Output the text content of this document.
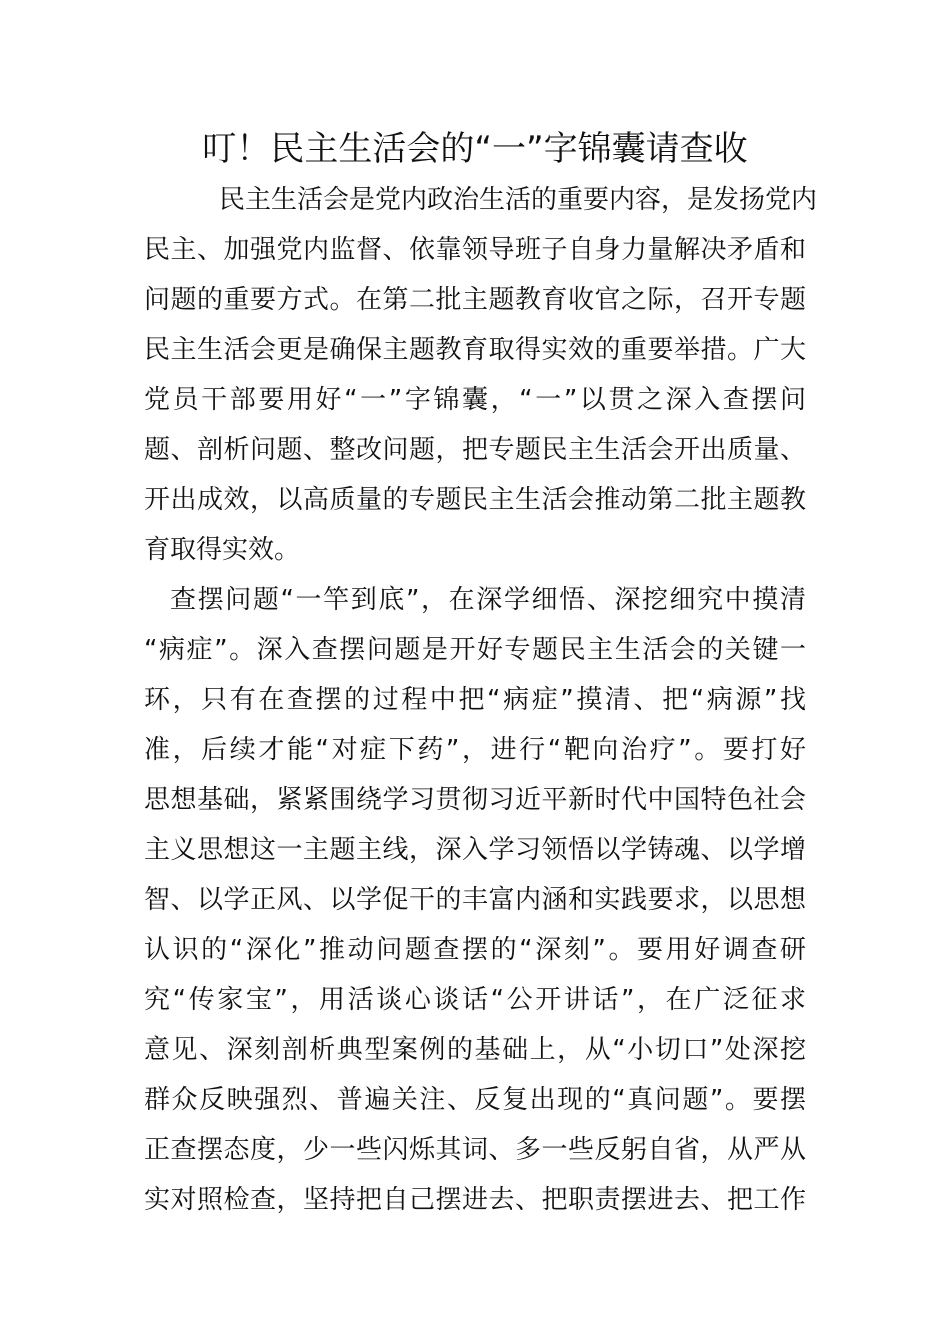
叮！民主生活会的“一”字锦囊请查收

民主生活会是党内政治生活的重要内容，是发扬党内

民主、加强党内监督、依靠领导班子自身力量解决矛盾和

问题的重要方式。在第二批主题教育收官之际，召开专题

民主生活会更是确保主题教育取得实效的重要举措。广大

党员干部要用好“一”字锦囊，“一”以贯之深入查摆问

题、剖析问题、整改问题，把专题民主生活会开出质量、

开出成效，以高质量的专题民主生活会推动第二批主题教

育取得实效。

查摆问题“一竿到底”，在深学细悟、深挖细究中摸清

“病症”。深入查摆问题是开好专题民主生活会的关键一

环，只有在查摆的过程中把“病症”摸清、把“病源”找

准，后续才能“对症下药”，进行“靶向治疗”。要打好

思想基础，紧紧围绕学习贯彻习近平新时代中国特色社会

主义思想这一主题主线，深入学习领悟以学铸魂、以学增

智、以学正风、以学促干的丰富内涵和实践要求，以思想

认识的“深化”推动问题查摆的“深刻”。要用好调查研

究“传家宝”，用活谈心谈话“公开讲话”，在广泛征求

意见、深刻剖析典型案例的基础上，从“小切口”处深挖

群众反映强烈、普遍关注、反复出现的“真问题”。要摆

正查摆态度，少一些闪烁其词、多一些反躬自省，从严从

实对照检查，坚持把自己摆进去、把职责摆进去、把工作
